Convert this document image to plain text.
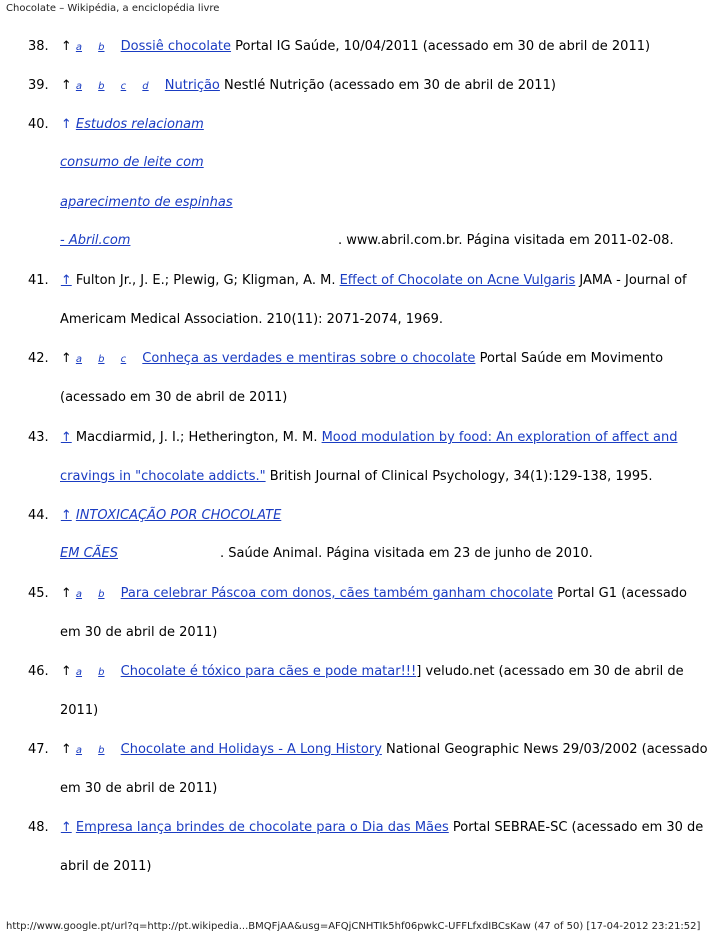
Chocolate – Wikipédia, a enciclopédia livre
38. ↑ a b Dossiê chocolate Portal IG Saúde, 10/04/2011 (acessado em 30 de abril de 2011)
39. ↑ a b c d Nutrição Nestlé Nutrição (acessado em 30 de abril de 2011)
40. ↑ Estudos relacionam
consumo de leite com
aparecimento de espinhas
- Abril.com	. www.abril.com.br. Página visitada em 2011-02-08.
41. ↑ Fulton Jr., J. E.; Plewig, G; Kligman, A. M. Effect of Chocolate on Acne Vulgaris JAMA - Journal of
Americam Medical Association. 210(11): 2071-2074, 1969.
42. ↑ a b c Conheça as verdades e mentiras sobre o chocolate Portal Saúde em Movimento
(acessado em 30 de abril de 2011)
43. ↑ Macdiarmid, J. I.; Hetherington, M. M. Mood modulation by food: An exploration of affect and
cravings in "chocolate addicts." British Journal of Clinical Psychology, 34(1):129-138, 1995.
44. ↑ INTOXICAÇÃO POR CHOCOLATE
EM CÃES	. Saúde Animal. Página visitada em 23 de junho de 2010.
45. ↑ a b Para celebrar Páscoa com donos, cães também ganham chocolate Portal G1 (acessado
em 30 de abril de 2011)
46. ↑ a b Chocolate é tóxico para cães e pode matar!!!] veludo.net (acessado em 30 de abril de
2011)
47. ↑ a b Chocolate and Holidays - A Long History National Geographic News 29/03/2002 (acessado
em 30 de abril de 2011)
48. ↑ Empresa lança brindes de chocolate para o Dia das Mães Portal SEBRAE-SC (acessado em 30 de
abril de 2011)
http://www.google.pt/url?q=http://pt.wikipedia...BMQFjAA&usg=AFQjCNHTIk5hf06pwkC-UFFLfxdIBCsKaw (47 of 50) [17-04-2012 23:21:52]
